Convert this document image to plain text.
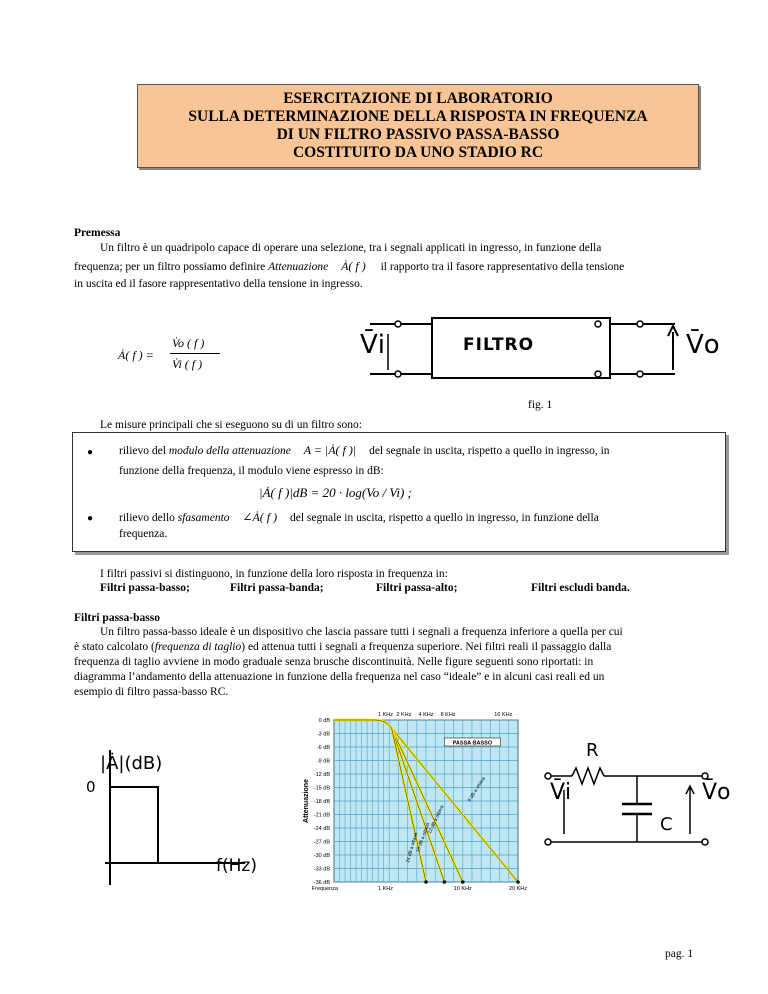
ESERCITAZIONE DI LABORATORIO
SULLA DETERMINAZIONE DELLA RISPOSTA IN FREQUENZA
DI UN FILTRO PASSIVO PASSA-BASSO
COSTITUITO DA UNO STADIO RC
Premessa
Un filtro è un quadripolo capace di operare una selezione, tra i segnali applicati in ingresso, in funzione della
frequenza; per un filtro possiamo definire Attenuazione Ȧ( f ) il rapporto tra il fasore rappresentativo della tensione
in uscita ed il fasore rappresentativo della tensione in ingresso.
Ȧ( f ) =
V̇o ( f )
V̇i ( f )
V̄i	FILTRO	V̄o
fig. 1
Le misure principali che si eseguono su di un filtro sono:
● rilievo del modulo della attenuazione A = |Ȧ( f )| del segnale in uscita, rispetto a quello in ingresso, in
funzione della frequenza, il modulo viene espresso in dB:
|Ȧ( f )|dB = 20 · log(Vo / Vi) ;
● rilievo dello sfasamento ∠Ȧ( f ) del segnale in uscita, rispetto a quello in ingresso, in funzione della
frequenza.
I filtri passivi si distinguono, in funzione della loro risposta in frequenza in:
Filtri passa-basso;	Filtri passa-banda;	Filtri passa-alto;	Filtri escludi banda.
Filtri passa-basso
Un filtro passa-basso ideale è un dispositivo che lascia passare tutti i segnali a frequenza inferiore a quella per cui
è stato calcolato (frequenza di taglio) ed attenua tutti i segnali a frequenza superiore. Nei filtri reali il passaggio dalla
frequenza di taglio avviene in modo graduale senza brusche discontinuità. Nelle figure seguenti sono riportati: in
diagramma l’andamento della attenuazione in funzione della frequenza nel caso “ideale” e in alcuni casi reali ed un
esempio di filtro passa-basso RC.
|Ȧ|(dB)
0
f(Hz)
0 dB
-3 dB
-6 dB
-9 dB
-12 dB
-15 dB
-18 dB
-21 dB
-24 dB
-27 dB
-30 dB
-33 dB
-36 dB
1 KHz 2 KHz 4 KHz 8 KHz	16 KHz
Frequenza	1 KHz	10 KHz	20 KHz
Attenuazione
PASSA BASSO
6 dB a ottava
12 dB a ottava
18 dB a ottava
24 dB a ottava
R
C
V̄i	V̄o
pag. 1
